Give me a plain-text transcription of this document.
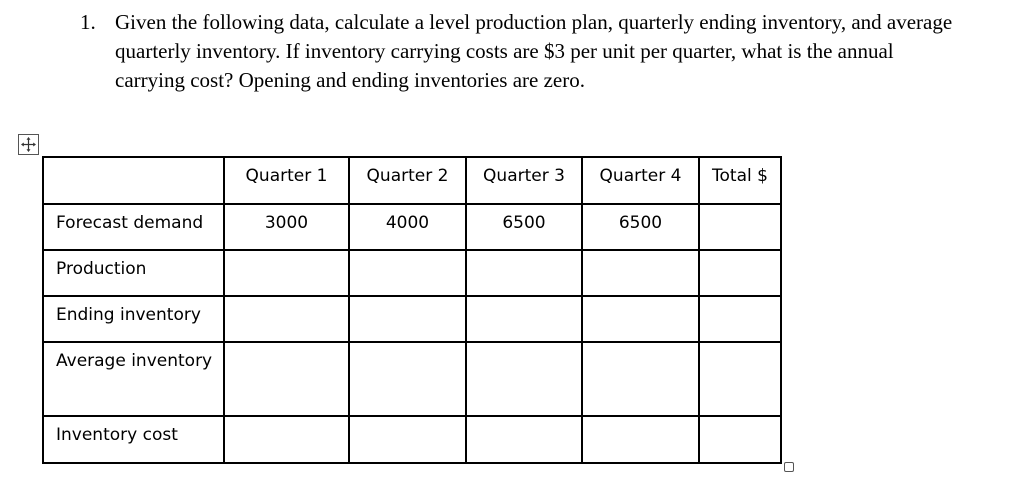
1. Given the following data, calculate a level production plan, quarterly ending inventory, and average quarterly inventory. If inventory carrying costs are $3 per unit per quarter, what is the annual carrying cost? Opening and ending inventories are zero.
	Quarter 1	Quarter 2	Quarter 3	Quarter 4	Total $
Forecast demand	3000	4000	6500	6500	
Production					
Ending inventory					
Average inventory					
Inventory cost					
